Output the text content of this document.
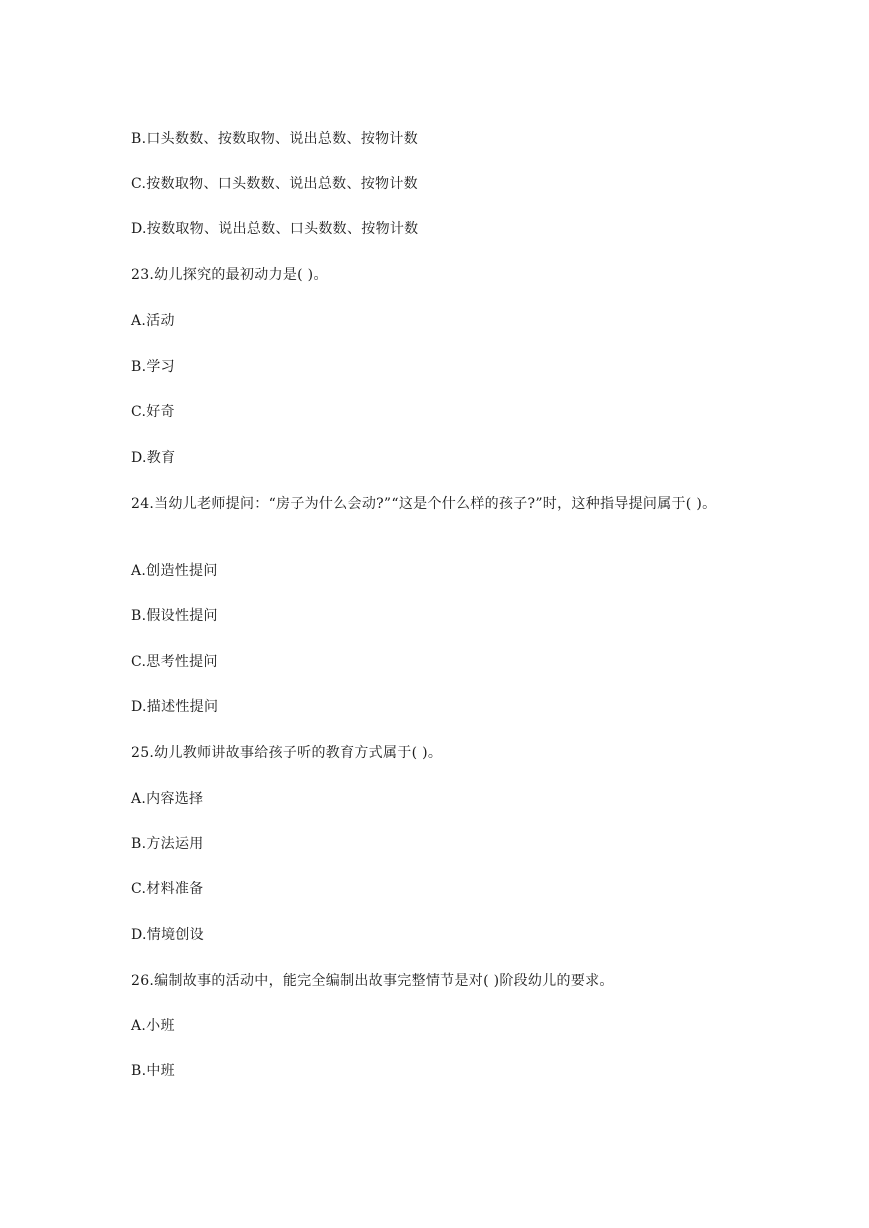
B.口头数数、按数取物、说出总数、按物计数
C.按数取物、口头数数、说出总数、按物计数
D.按数取物、说出总数、口头数数、按物计数
23.幼儿探究的最初动力是( )。
A.活动
B.学习
C.好奇
D.教育
24.当幼儿老师提问：“房子为什么会动?”“这是个什么样的孩子?”时，这种指导提问属于( )。
A.创造性提问
B.假设性提问
C.思考性提问
D.描述性提问
25.幼儿教师讲故事给孩子听的教育方式属于( )。
A.内容选择
B.方法运用
C.材料准备
D.情境创设
26.编制故事的活动中，能完全编制出故事完整情节是对( )阶段幼儿的要求。
A.小班
B.中班
